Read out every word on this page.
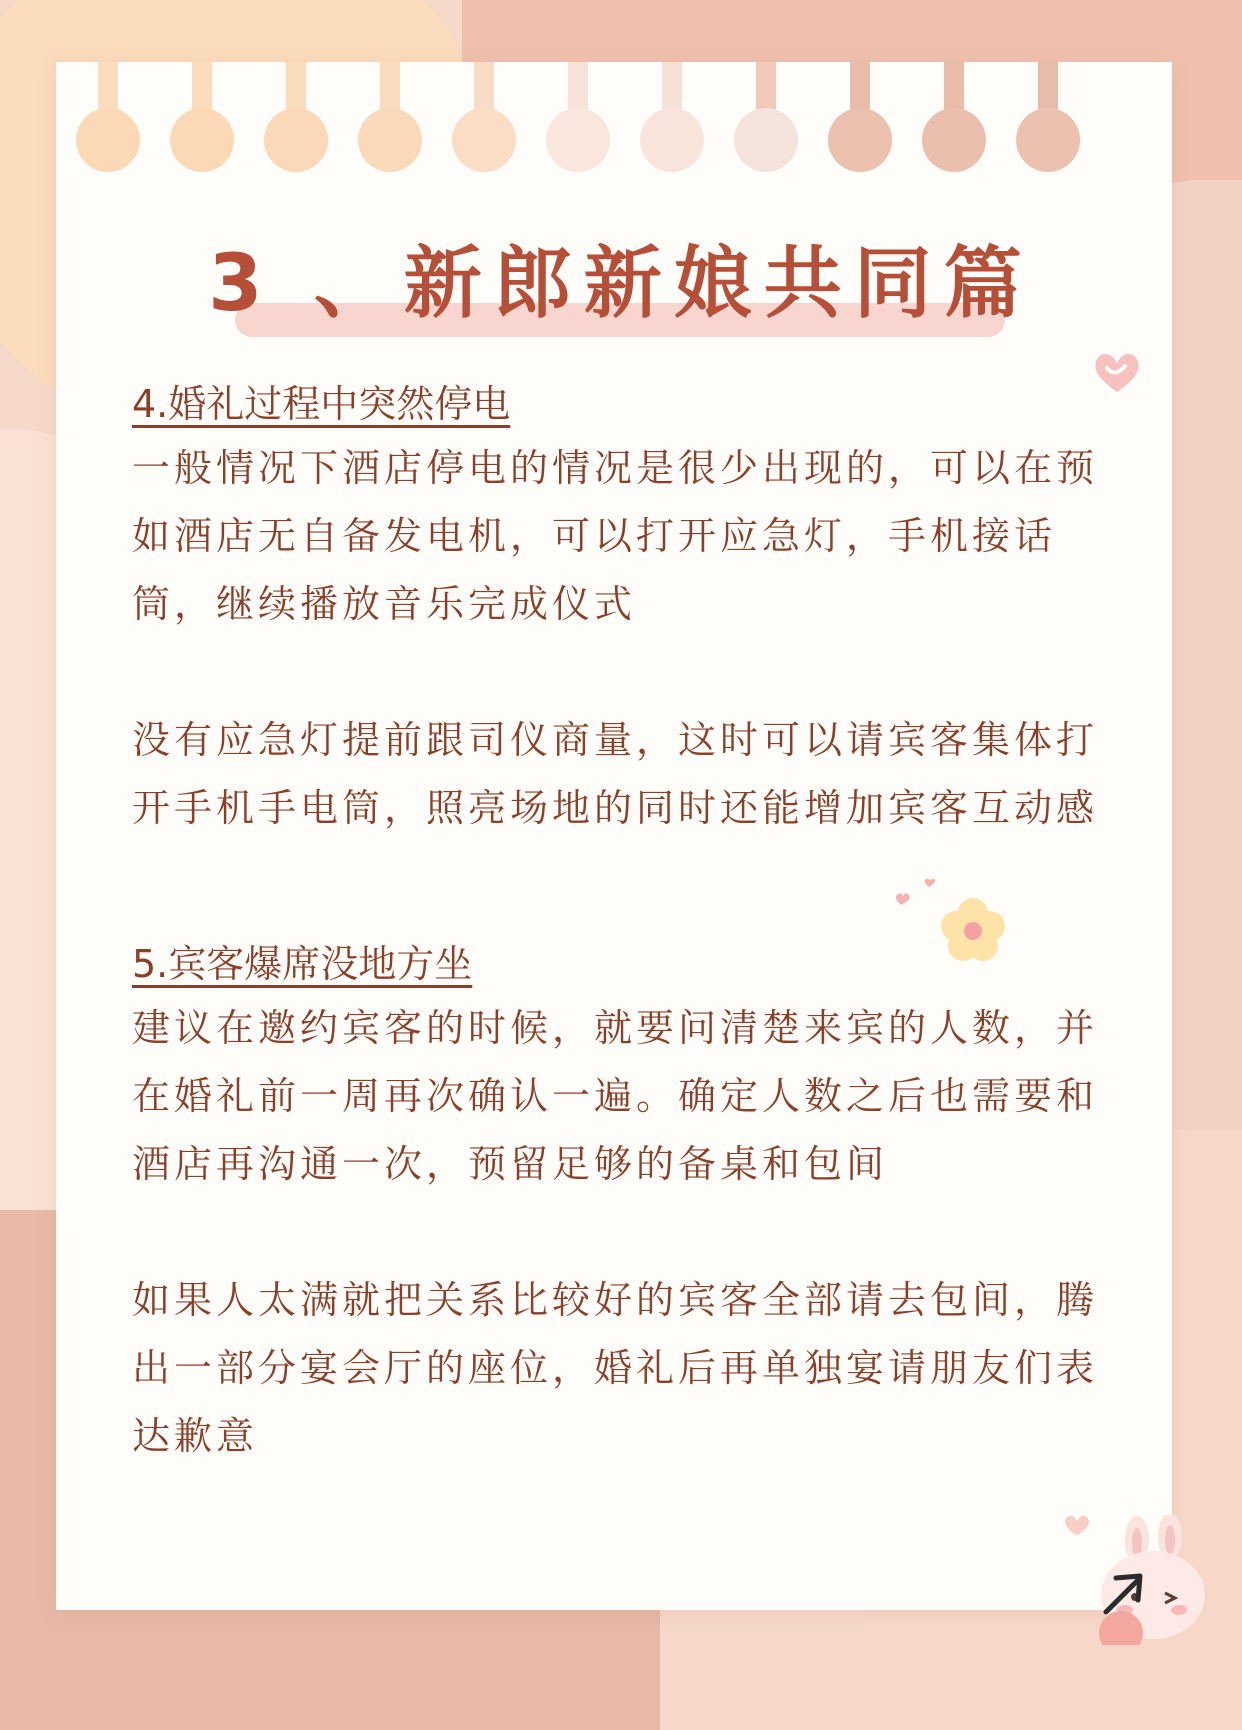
3 、新郎新娘共同篇
4.婚礼过程中突然停电

一般情况下酒店停电的情况是很少出现的，可以在预如酒店无自备发电机，可以打开应急灯，手机接话筒，继续播放音乐完成仪式

没有应急灯提前跟司仪商量，这时可以请宾客集体打开手机手电筒，照亮场地的同时还能增加宾客互动感

5.宾客爆席没地方坐

建议在邀约宾客的时候，就要问清楚来宾的人数，并在婚礼前一周再次确认一遍。确定人数之后也需要和酒店再沟通一次，预留足够的备桌和包间

如果人太满就把关系比较好的宾客全部请去包间，腾出一部分宴会厅的座位，婚礼后再单独宴请朋友们表达歉意
